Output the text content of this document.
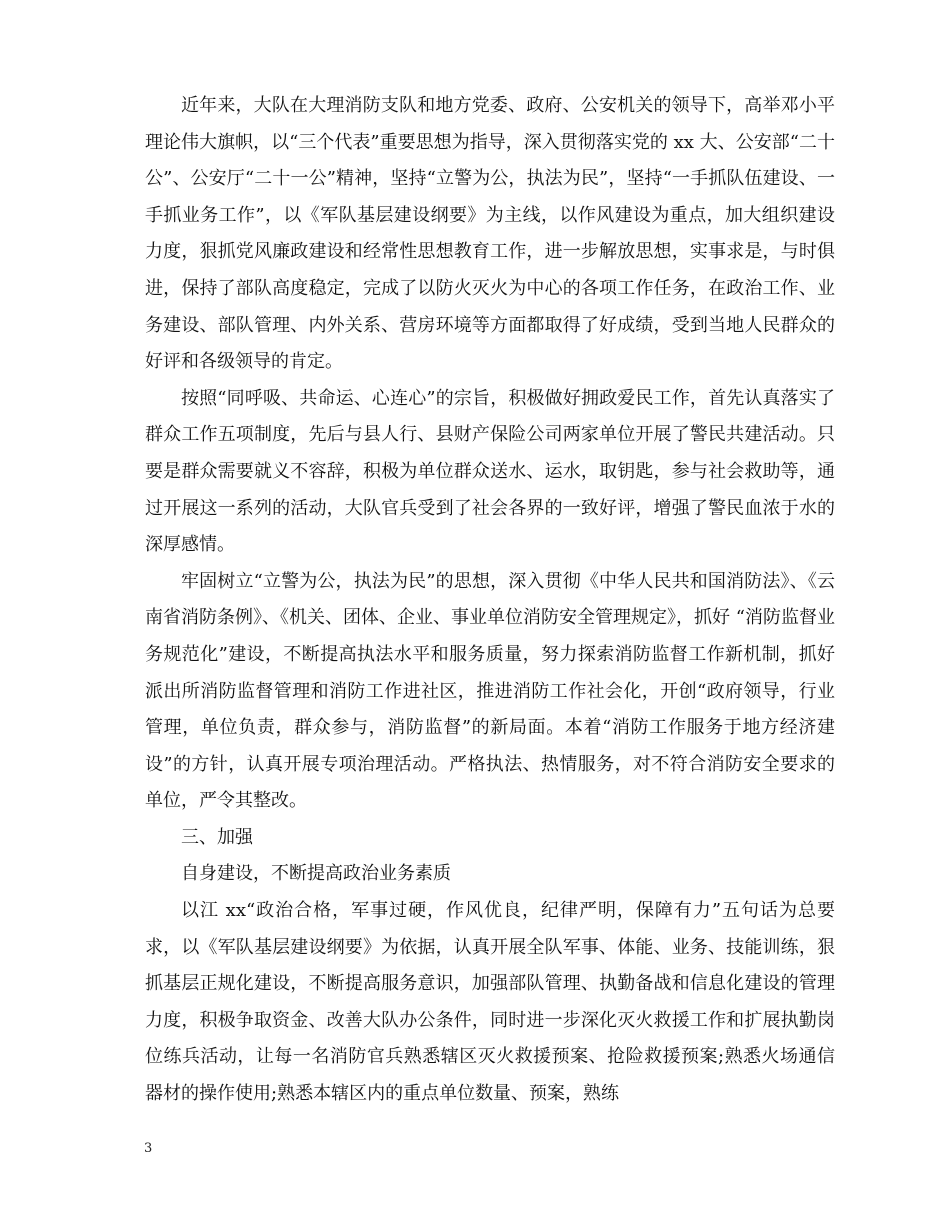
近年来，大队在大理消防支队和地方党委、政府、公安机关的领导下，高举邓小平理论伟大旗帜，以“三个代表”重要思想为指导，深入贯彻落实党的 xx 大、公安部“二十公”、公安厅“二十一公”精神，坚持“立警为公，执法为民”，坚持“一手抓队伍建设、一手抓业务工作”，以《军队基层建设纲要》为主线，以作风建设为重点，加大组织建设力度，狠抓党风廉政建设和经常性思想教育工作，进一步解放思想，实事求是，与时俱进，保持了部队高度稳定，完成了以防火灭火为中心的各项工作任务，在政治工作、业务建设、部队管理、内外关系、营房环境等方面都取得了好成绩，受到当地人民群众的好评和各级领导的肯定。

按照“同呼吸、共命运、心连心”的宗旨，积极做好拥政爱民工作，首先认真落实了群众工作五项制度，先后与县人行、县财产保险公司两家单位开展了警民共建活动。只要是群众需要就义不容辞，积极为单位群众送水、运水，取钥匙，参与社会救助等，通过开展这一系列的活动，大队官兵受到了社会各界的一致好评，增强了警民血浓于水的深厚感情。

牢固树立“立警为公，执法为民”的思想，深入贯彻《中华人民共和国消防法》、《云南省消防条例》、《机关、团体、企业、事业单位消防安全管理规定》，抓好 “消防监督业务规范化”建设，不断提高执法水平和服务质量，努力探索消防监督工作新机制，抓好派出所消防监督管理和消防工作进社区，推进消防工作社会化，开创“政府领导，行业管理，单位负责，群众参与，消防监督”的新局面。本着“消防工作服务于地方经济建设”的方针，认真开展专项治理活动。严格执法、热情服务，对不符合消防安全要求的单位，严令其整改。

三、加强

自身建设，不断提高政治业务素质

以江 xx“政治合格，军事过硬，作风优良，纪律严明，保障有力”五句话为总要求，以《军队基层建设纲要》为依据，认真开展全队军事、体能、业务、技能训练，狠抓基层正规化建设，不断提高服务意识，加强部队管理、执勤备战和信息化建设的管理力度，积极争取资金、改善大队办公条件，同时进一步深化灭火救援工作和扩展执勤岗位练兵活动，让每一名消防官兵熟悉辖区灭火救援预案、抢险救援预案;熟悉火场通信器材的操作使用;熟悉本辖区内的重点单位数量、预案，熟练

3
